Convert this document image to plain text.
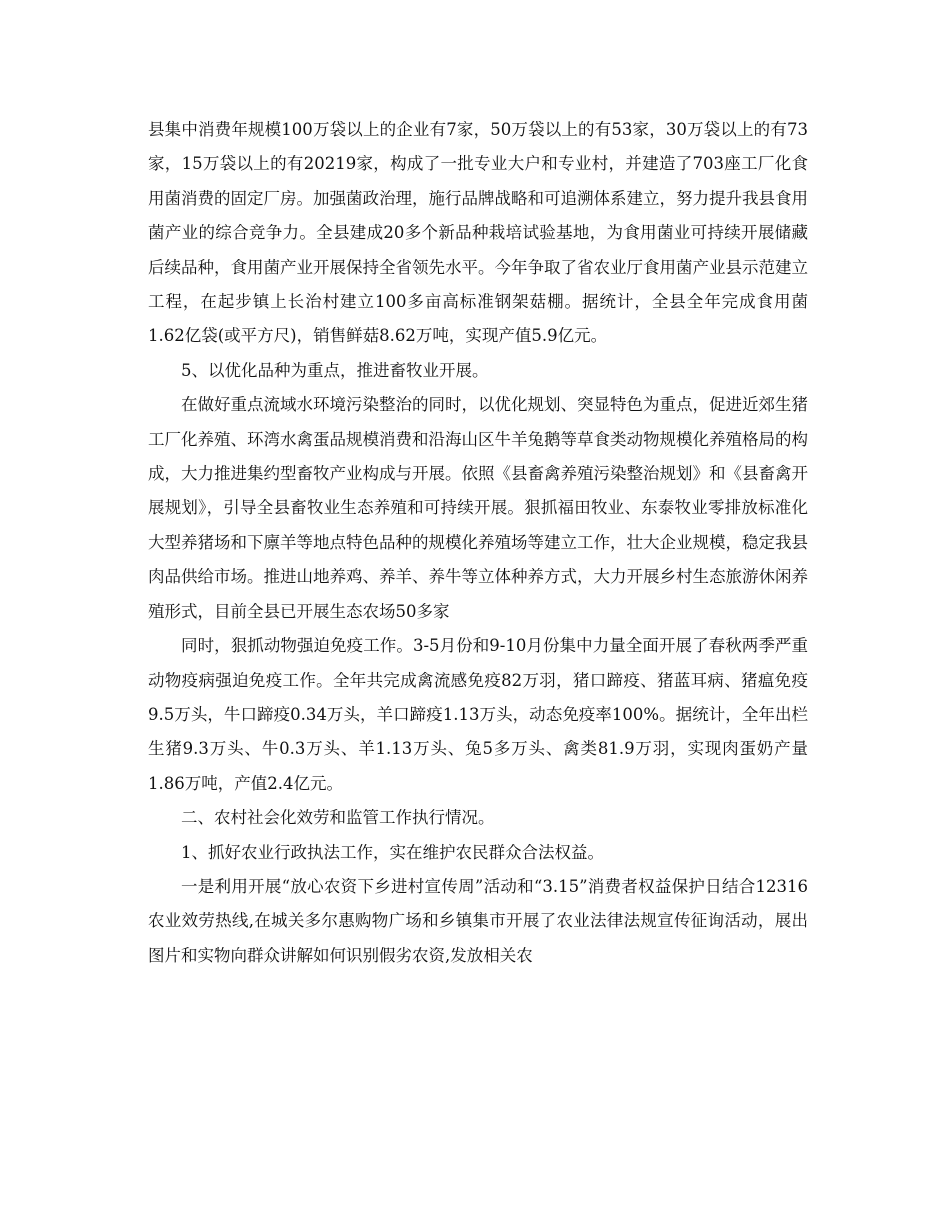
县集中消费年规模100万袋以上的企业有7家，50万袋以上的有53家，30万袋以上的有73家，15万袋以上的有20219家，构成了一批专业大户和专业村，并建造了703座工厂化食用菌消费的固定厂房。加强菌政治理，施行品牌战略和可追溯体系建立，努力提升我县食用菌产业的综合竞争力。全县建成20多个新品种栽培试验基地，为食用菌业可持续开展储藏后续品种，食用菌产业开展保持全省领先水平。今年争取了省农业厅食用菌产业县示范建立工程，在起步镇上长治村建立100多亩高标准钢架菇棚。据统计，全县全年完成食用菌1.62亿袋(或平方尺)，销售鲜菇8.62万吨，实现产值5.9亿元。

5、以优化品种为重点，推进畜牧业开展。

在做好重点流域水环境污染整治的同时，以优化规划、突显特色为重点，促进近郊生猪工厂化养殖、环湾水禽蛋品规模消费和沿海山区牛羊兔鹅等草食类动物规模化养殖格局的构成，大力推进集约型畜牧产业构成与开展。依照《县畜禽养殖污染整治规划》和《县畜禽开展规划》，引导全县畜牧业生态养殖和可持续开展。狠抓福田牧业、东泰牧业零排放标准化大型养猪场和下廪羊等地点特色品种的规模化养殖场等建立工作，壮大企业规模，稳定我县肉品供给市场。推进山地养鸡、养羊、养牛等立体种养方式，大力开展乡村生态旅游休闲养殖形式，目前全县已开展生态农场50多家

同时，狠抓动物强迫免疫工作。3-5月份和9-10月份集中力量全面开展了春秋两季严重动物疫病强迫免疫工作。全年共完成禽流感免疫82万羽，猪口蹄疫、猪蓝耳病、猪瘟免疫9.5万头，牛口蹄疫0.34万头，羊口蹄疫1.13万头，动态免疫率100%。据统计，全年出栏生猪9.3万头、牛0.3万头、羊1.13万头、兔5多万头、禽类81.9万羽，实现肉蛋奶产量1.86万吨，产值2.4亿元。

二、农村社会化效劳和监管工作执行情况。

1、抓好农业行政执法工作，实在维护农民群众合法权益。

一是利用开展“放心农资下乡进村宣传周”活动和“3.15”消费者权益保护日结合12316农业效劳热线,在城关多尔惠购物广场和乡镇集市开展了农业法律法规宣传征询活动，展出图片和实物向群众讲解如何识别假劣农资,发放相关农
